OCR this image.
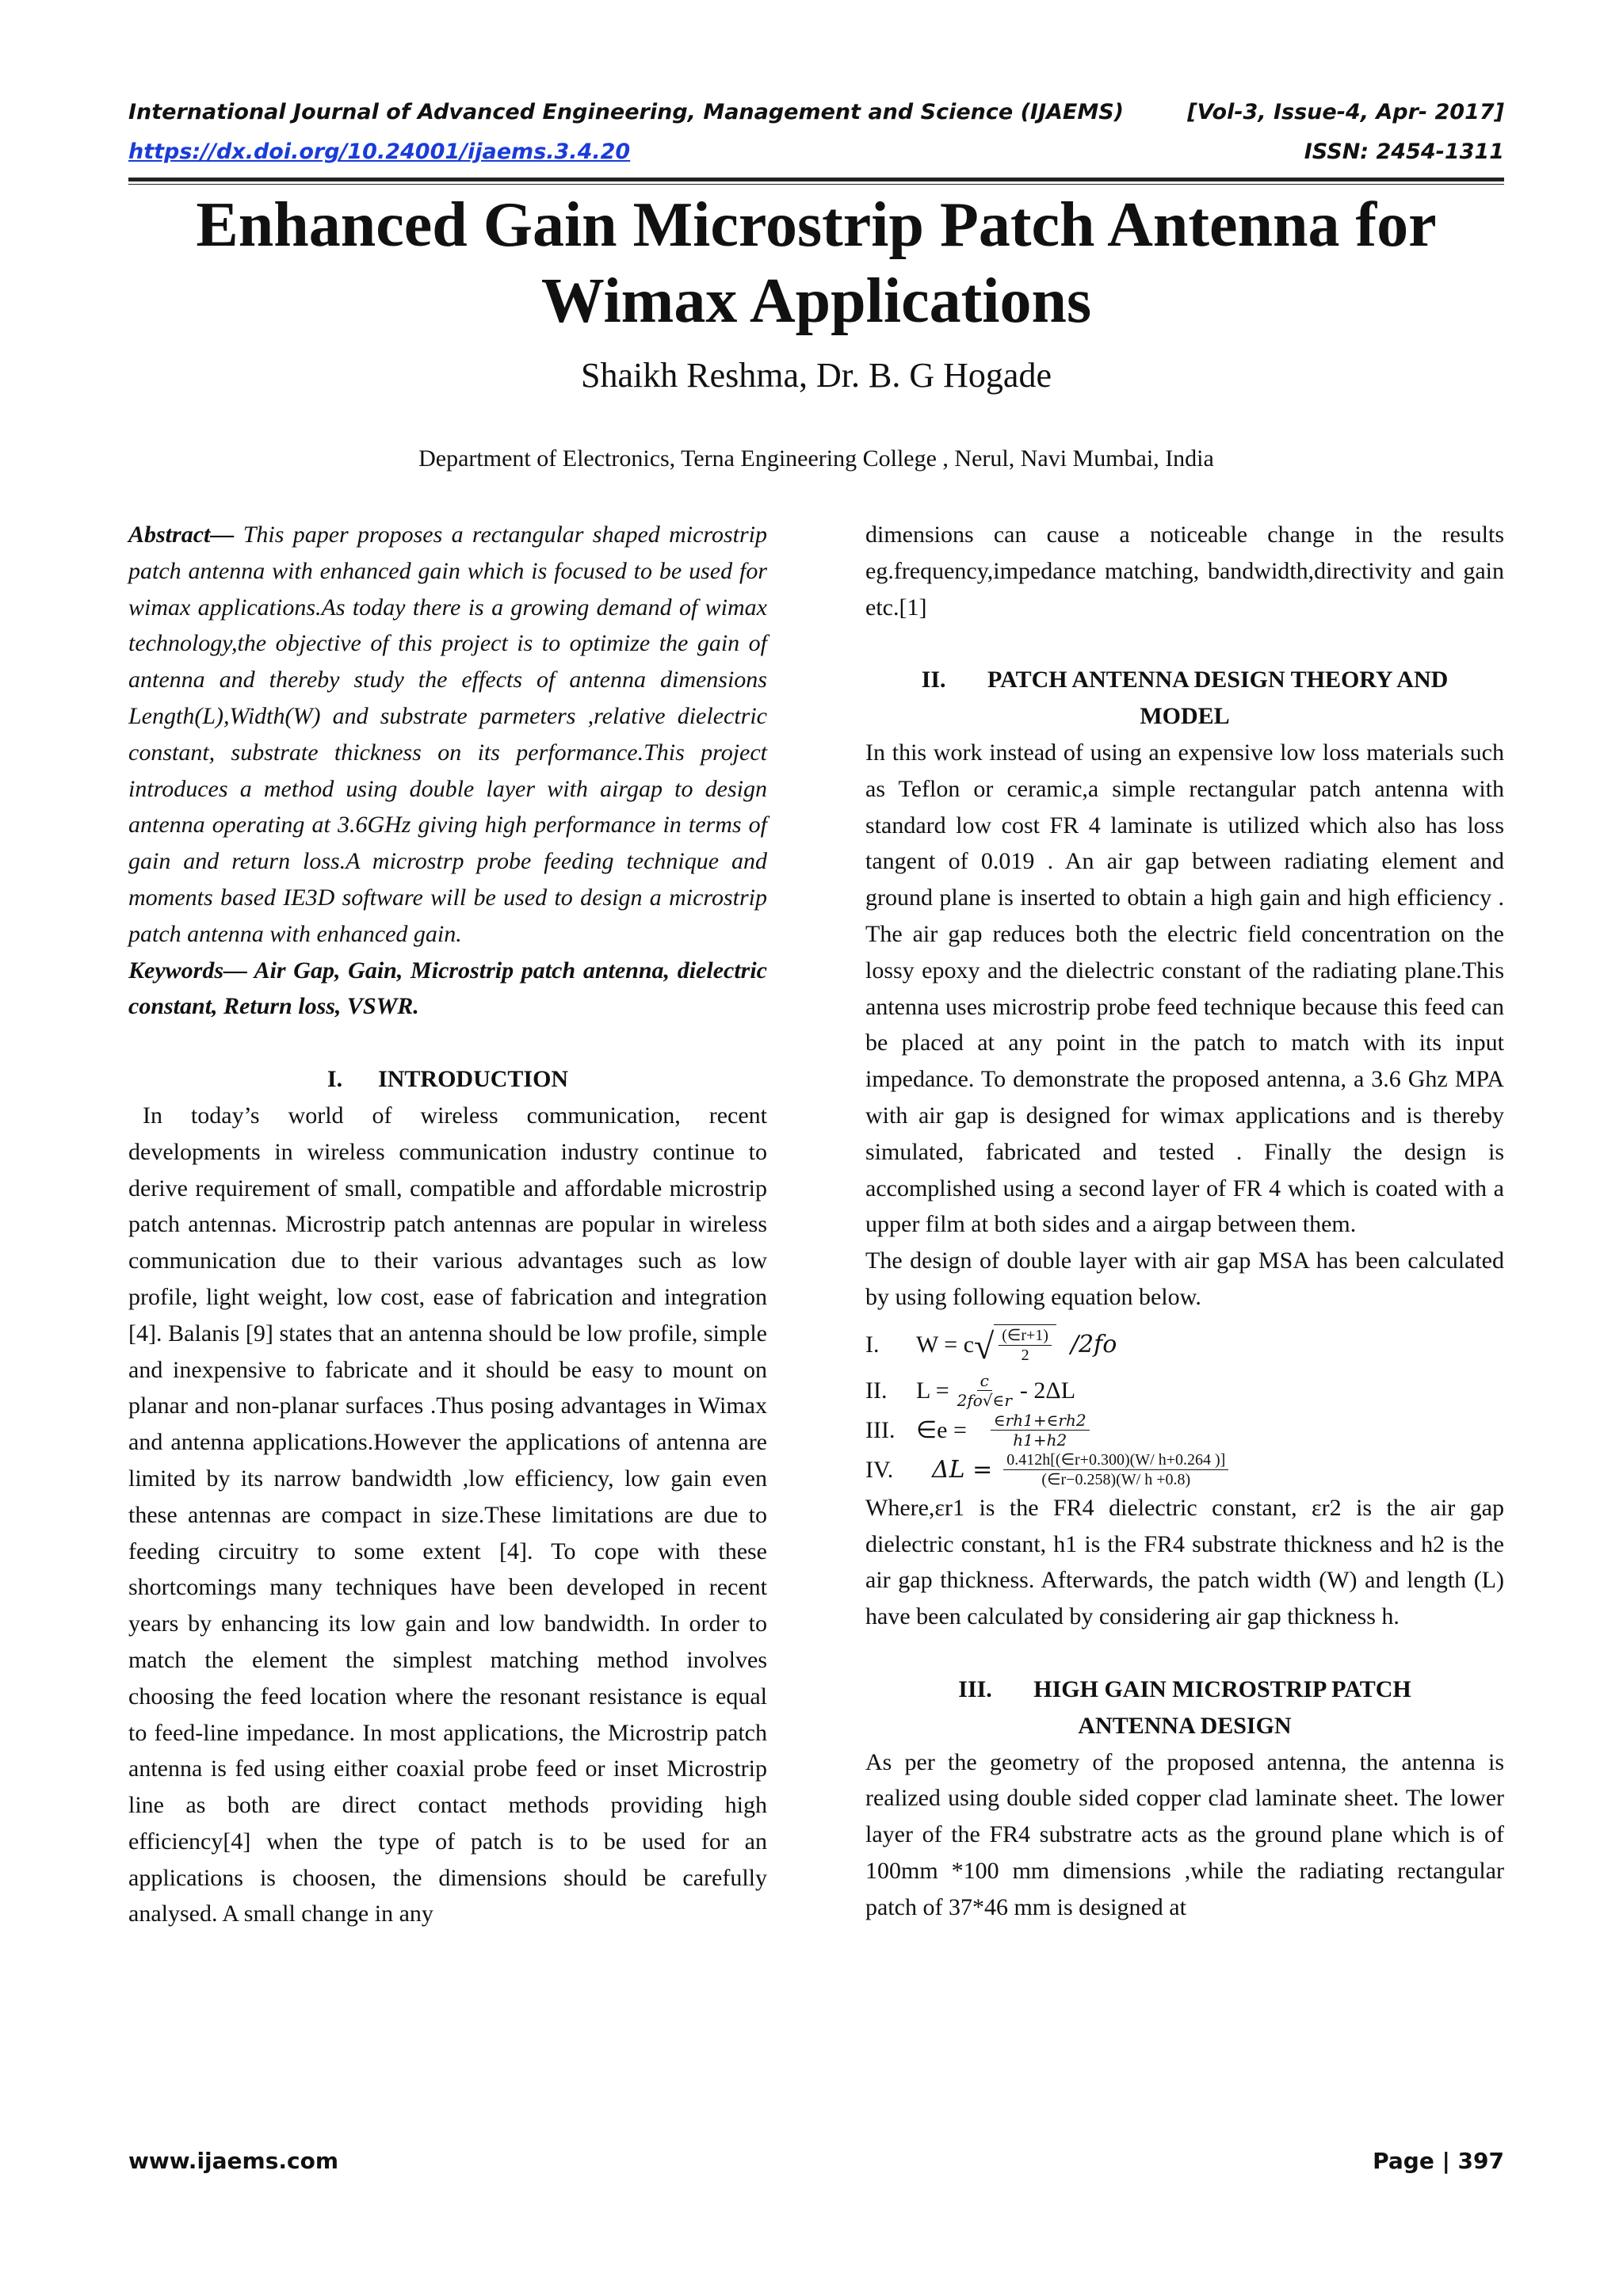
International Journal of Advanced Engineering, Management and Science (IJAEMS)	[Vol-3, Issue-4, Apr- 2017]
https://dx.doi.org/10.24001/ijaems.3.4.20	ISSN: 2454-1311
Enhanced Gain Microstrip Patch Antenna for
Wimax Applications
Shaikh Reshma, Dr. B. G Hogade
Department of Electronics, Terna Engineering College , Nerul, Navi Mumbai, India

Abstract— This paper proposes a rectangular shaped microstrip patch antenna with enhanced gain which is focused to be used for wimax applications.As today there is a growing demand of wimax technology,the objective of this project is to optimize the gain of antenna and thereby study the effects of antenna dimensions Length(L),Width(W) and substrate parmeters ,relative dielectric constant, substrate thickness on its performance.This project introduces a method using double layer with airgap to design antenna operating at 3.6GHz giving high performance in terms of gain and return loss.A microstrp probe feeding technique and moments based IE3D software will be used to design a microstrip patch antenna with enhanced gain.

Keywords— Air Gap, Gain, Microstrip patch antenna, dielectric constant, Return loss, VSWR.

I.      INTRODUCTION

In today’s world of wireless communication, recent developments in wireless communication industry continue to derive requirement of small, compatible and affordable microstrip patch antennas. Microstrip patch antennas are popular in wireless communication due to their various advantages such as low profile, light weight, low cost, ease of fabrication and integration [4]. Balanis [9] states that an antenna should be low profile, simple and inexpensive to fabricate and it should be easy to mount on planar and non-planar surfaces .Thus posing advantages in Wimax and antenna applications.However the applications of antenna are limited by its narrow bandwidth ,low efficiency, low gain even these antennas are compact in size.These limitations are due to feeding circuitry to some extent [4]. To cope with these shortcomings many techniques have been developed in recent years by enhancing its low gain and low bandwidth. In order to match the element the simplest matching method involves choosing the feed location where the resonant resistance is equal to feed-line impedance. In most applications, the Microstrip patch antenna is fed using either coaxial probe feed or inset Microstrip line as both are direct contact methods providing high efficiency[4] when the type of patch is to be used for an applications is choosen, the dimensions should be carefully analysed. A small change in any

dimensions can cause a noticeable change in the results eg.frequency,impedance matching, bandwidth,directivity and gain etc.[1]

II.       PATCH ANTENNA DESIGN THEORY AND
MODEL

In this work instead of using an expensive low loss materials such as Teflon or ceramic,a simple rectangular patch antenna with standard low cost FR 4 laminate is utilized which also has loss tangent of 0.019 . An air gap between radiating element and ground plane is inserted to obtain a high gain and high efficiency . The air gap reduces both the electric field concentration on the lossy epoxy and the dielectric constant of the radiating plane.This antenna uses microstrip probe feed technique because this feed can be placed at any point in the patch to match with its input impedance. To demonstrate the proposed antenna, a 3.6 Ghz MPA with air gap is designed for wimax applications and is thereby simulated, fabricated and tested . Finally the design is accomplished using a second layer of FR 4 which is coated with a upper film at both sides and a airgap between them.

The design of double layer with air gap MSA has been calculated by using following equation below.

I.	W = c √ $\frac{(\in r+1)}{2} /2fo$
II.	$L = \frac{c}{2fo√\in r} - 2\Delta L$
III. ∈e = $\frac{\in rh1+\in rh2}{h1+h2}$
IV.	$\Delta L = \frac{0.412h[(\in r+0.300)(W/ h+0.264 )]}{(\in r-0.258)(W/ h +0.8)}$

Where,εr1 is the FR4 dielectric constant, εr2 is the air gap dielectric constant, h1 is the FR4 substrate thickness and h2 is the air gap thickness. Afterwards, the patch width (W) and length (L) have been calculated by considering air gap thickness h.

III.       HIGH GAIN MICROSTRIP PATCH
ANTENNA DESIGN

As per the geometry of the proposed antenna, the antenna is realized using double sided copper clad laminate sheet. The lower layer of the FR4 substratre acts as the ground plane which is of 100mm *100 mm dimensions ,while the radiating rectangular patch of 37*46 mm is designed at

www.ijaems.com	Page | 397
